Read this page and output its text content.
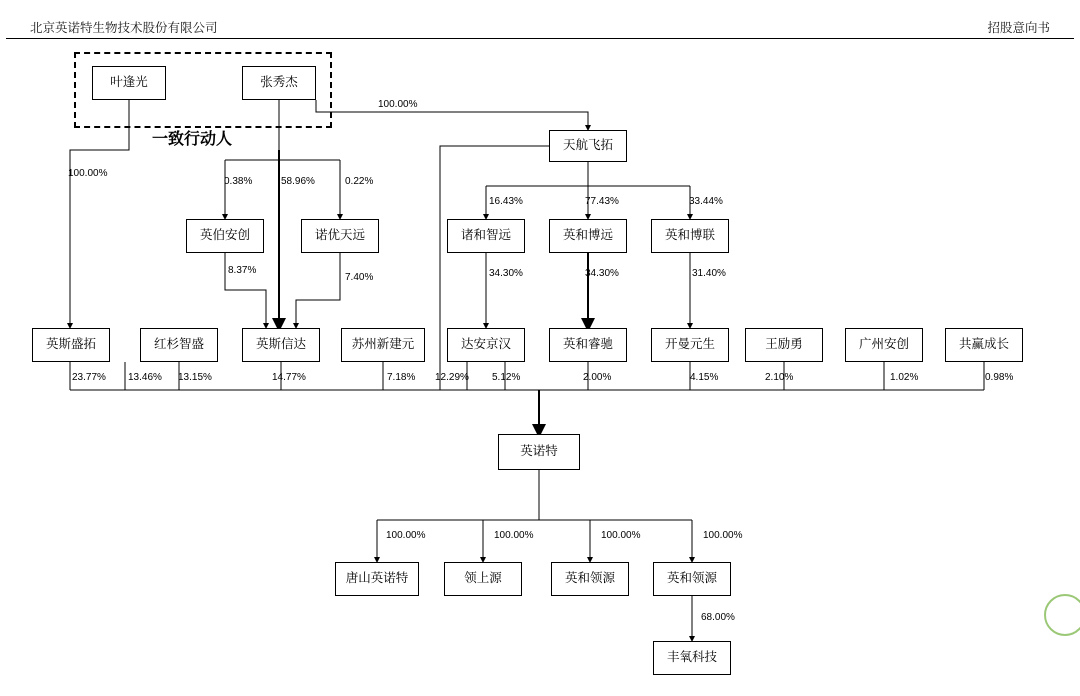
北京英诺特生物技术股份有限公司	招股意向书
一致行动人
叶逢光	张秀杰
天航飞拓
英伯安创	诺优天远	诸和智远	英和博远	英和博联
英斯盛拓	红杉智盛	英斯信达	苏州新建元	达安京汉	英和睿驰	开曼元生	王励勇	广州安创	共赢成长
英诺特
唐山英诺特	领上源	英和领源	英和领源
丰氧科技
100.00%
100.00%
0.38%	58.96%	0.22%
16.43%	77.43%	33.44%
8.37%
7.40%	34.30%	34.30%	31.40%
23.77% 13.46% 13.15%	14.77%	7.18% 12.29% 5.12%	2.00%	4.15%	2.10%	1.02%	0.98%
100.00%	100.00%	100.00%	100.00%
68.00%
